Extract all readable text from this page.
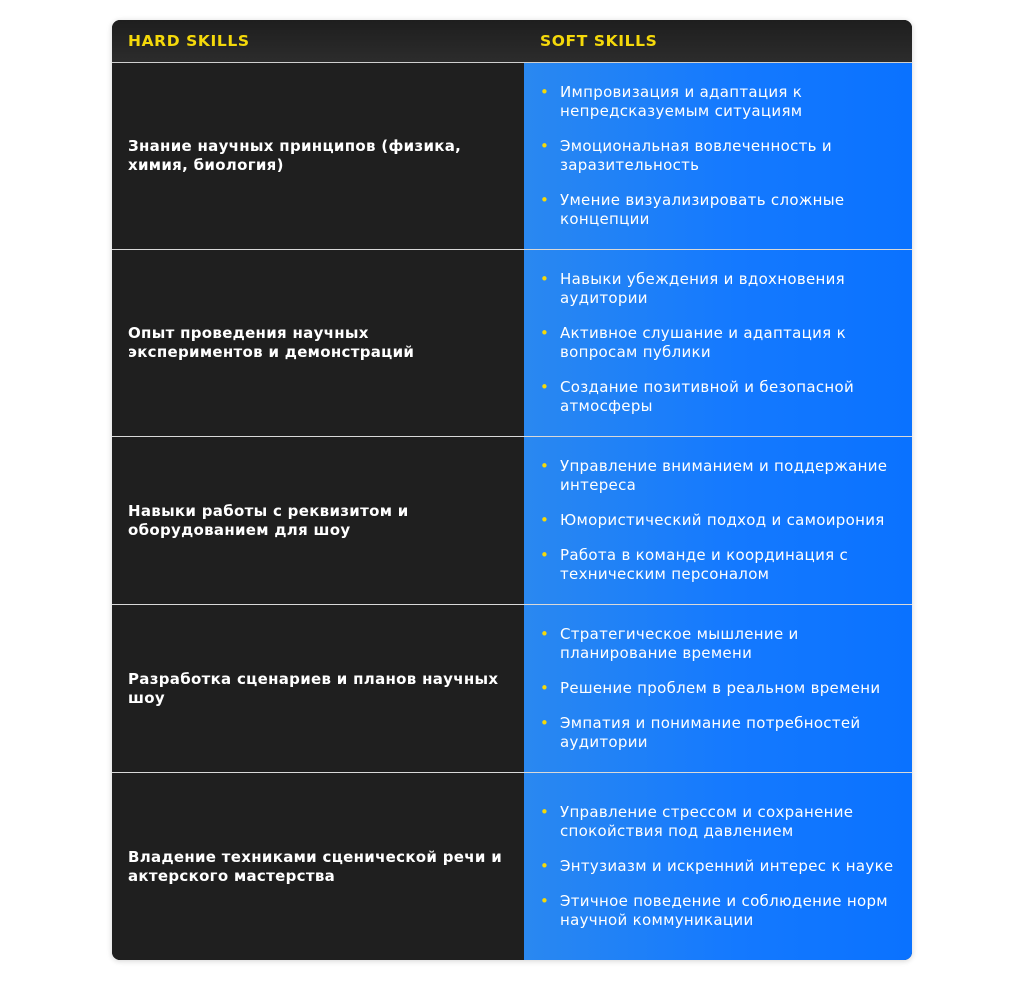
HARD SKILLS	SOFT SKILLS
Знание научных принципов (физика, химия, биология)
• Импровизация и адаптация к непредсказуемым ситуациям
• Эмоциональная вовлеченность и заразительность
• Умение визуализировать сложные концепции
Опыт проведения научных экспериментов и демонстраций
• Навыки убеждения и вдохновения аудитории
• Активное слушание и адаптация к вопросам публики
• Создание позитивной и безопасной атмосферы
Навыки работы с реквизитом и оборудованием для шоу
• Управление вниманием и поддержание интереса
• Юмористический подход и самоирония
• Работа в команде и координация с техническим персоналом
Разработка сценариев и планов научных шоу
• Стратегическое мышление и планирование времени
• Решение проблем в реальном времени
• Эмпатия и понимание потребностей аудитории
Владение техниками сценической речи и актерского мастерства
• Управление стрессом и сохранение спокойствия под давлением
• Энтузиазм и искренний интерес к науке
• Этичное поведение и соблюдение норм научной коммуникации
